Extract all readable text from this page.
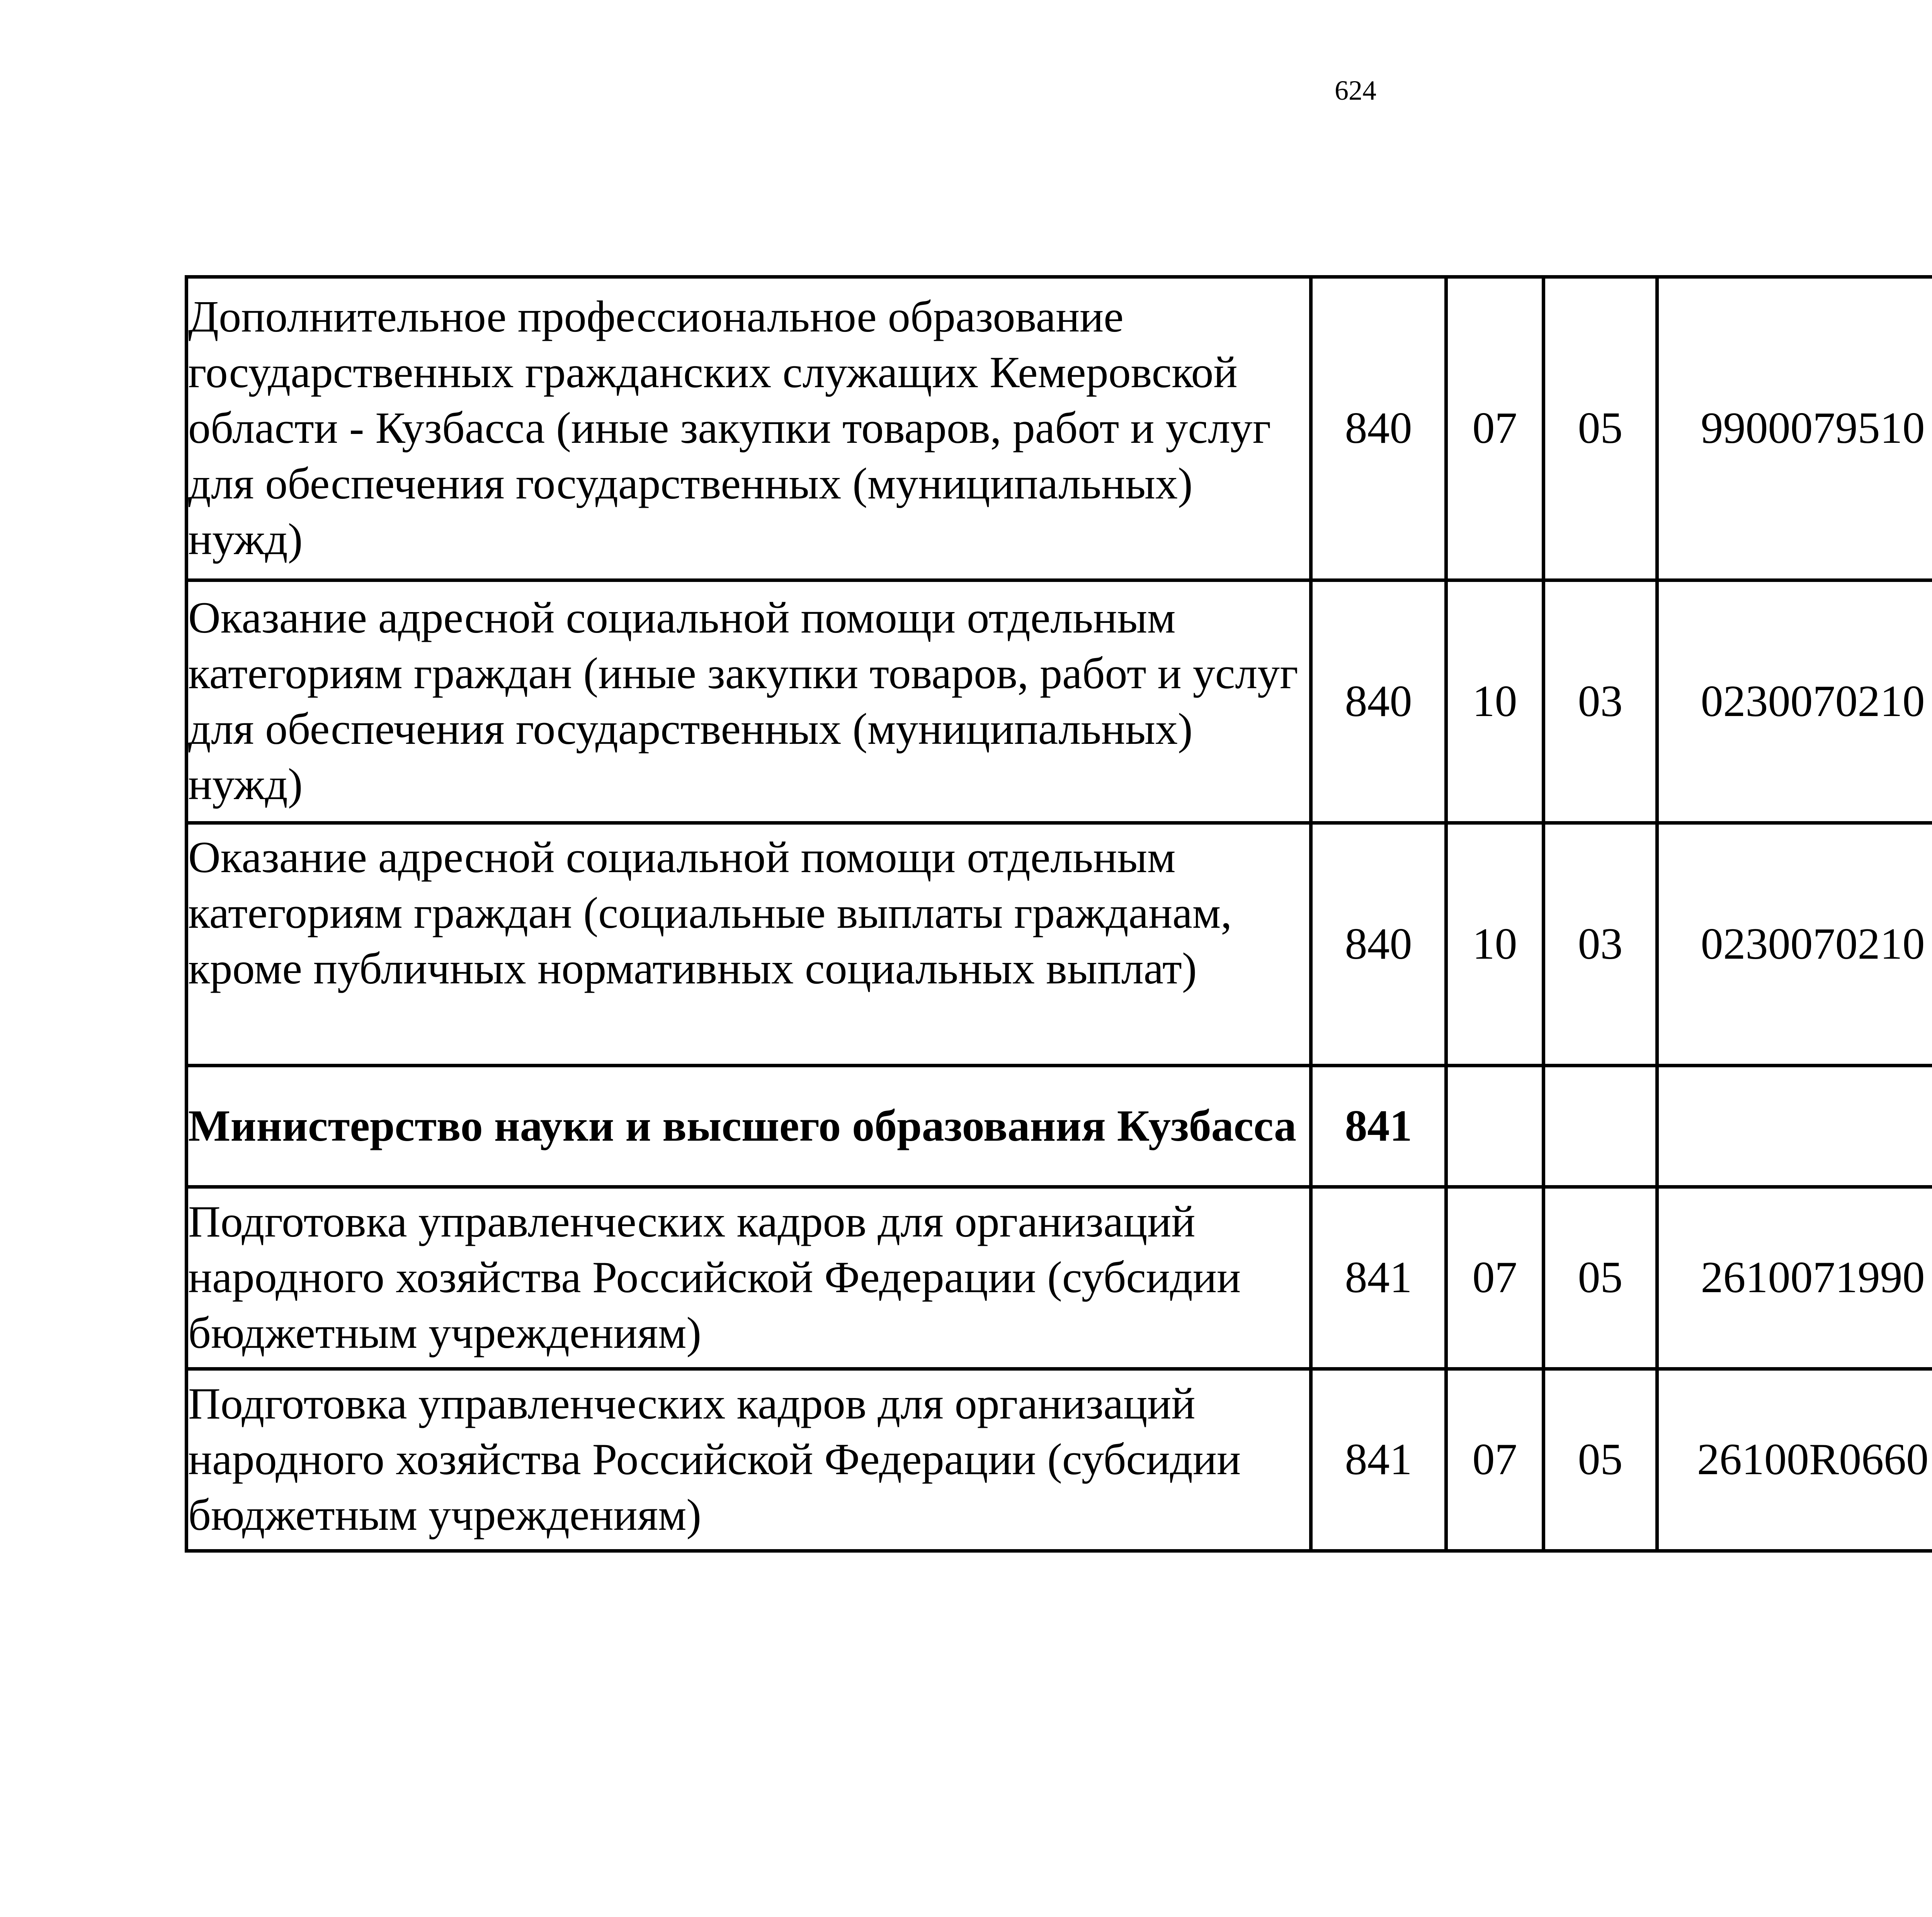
624
Дополнительное профессиональное образование государственных гражданских служащих Кемеровской области - Кузбасса (иные закупки товаров, работ и услуг для обеспечения государственных (муниципальных) нужд)	840	07	05	9900079510		
Оказание адресной социальной помощи отдельным категориям граждан (иные закупки товаров, работ и услуг для обеспечения государственных (муниципальных) нужд)	840	10	03	0230070210		
Оказание адресной социальной помощи отдельным категориям граждан (социальные выплаты гражданам, кроме публичных нормативных социальных выплат)	840	10	03	0230070210		
Министерство науки и высшего образования Кузбасса	841					
Подготовка управленческих кадров для организаций народного хозяйства Российской Федерации (субсидии бюджетным учреждениям)	841	07	05	2610071990		
Подготовка управленческих кадров для организаций народного хозяйства Российской Федерации (субсидии бюджетным учреждениям)	841	07	05	26100R0660		
